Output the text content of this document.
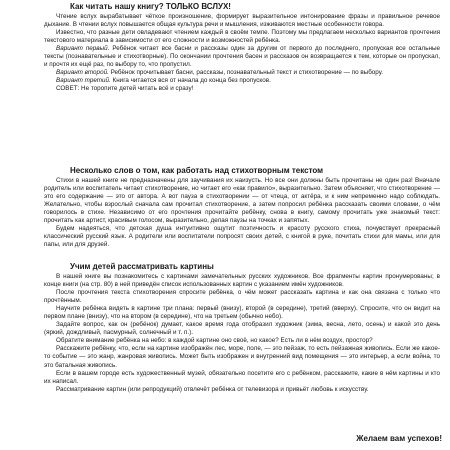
Как читать нашу книгу? ТОЛЬКО ВСЛУХ!

Чтение вслух вырабатывает чёткое произношение, формирует выразительное интонирование фразы и правильное речевое дыхание. В чтении вслух повышается общая культура речи и мышления, изживаются местные особенности говора.

Известно, что разные дети овладевают чтением каждый в своём темпе. Поэтому мы предлагаем несколько вариантов прочтения текстового материала в зависимости от его сложности и возможностей ребёнка.

Вариант первый. Ребёнок читает все басни и рассказы один за другим от первого до последнего, пропуская все остальные тексты (познавательные и стихотворные). По окончании прочтения басен и рассказов он возвращается к тем, которые он пропускал, и прочтя их ещё раз, по выбору то, что пропустил.

Вариант второй. Ребёнок прочитывает басни, рассказы, познавательный текст и стихотворение — по выбору.

Вариант третий. Книга читается вся от начала до конца без пропусков.

СОВЕТ: Не торопите детей читать всё и сразу!

Несколько слов о том, как работать над стихотворным текстом

Стихи в нашей книге не предназначены для заучивания их наизусть. Но все они должны быть прочитаны не один раз! Вначале родитель или воспитатель читает стихотворение, но читает его «как правило», выразительно. Затем объясняет, что стихотворение — это его содержание — это от автора. А вот пауза в стихотворении — от чтеца, от актёра, и к ним непременно надо соблюдать. Желательно, чтобы взрослый сначала сам прочитал стихотворение, а затем попросил ребёнка рассказать своими словами, о чём говорилось в стихе. Независимо от его прочтения прочитайте ребёнку, снова в книгу, самому прочитать уже знакомый текст: прочитать как артист, красивым голосом, выразительно, делая паузы на точках и запятых.

Будем надеяться, что детская душа интуитивно ощутит поэтичность и красоту русского стиха, почувствует прекрасный классический русский язык. А родители или воспитатели попросят своих детей, с книгой в руке, почитать стихи для мамы, или для папы, или для друзей.

Учим детей рассматривать картины

В нашей книге вы познакомитесь с картинами замечательных русских художников. Все фрагменты картин пронумерованы; в конце книги (на стр. 80) в ней приведён список использованных картин с указанием имён художников.

После прочтения текста стихотворения спросите ребёнка, о чём может рассказать картина и как она связана с только что прочтённым.

Научите ребёнка видеть в картине три плана: первый (внизу), второй (в середине), третий (вверху). Спросите, что он видит на первом плане (внизу), что на втором (в середине), что на третьем (обычно небо).

Задайте вопрос, как он (ребёнок) думает, какое время года отобразил художник (зима, весна, лето, осень) и какой это день (яркий, дождливый, пасмурный, солнечный и т. п.).

Обратите внимание ребёнка на небо: в каждой картине оно своё, но какое? Есть ли в нём воздух, простор?

Расскажите ребёнку, что, если на картине изображён лес, море, поле, — это пейзаж, то есть пейзажная живопись. Если же какое-то событие — это жанр, жанровая живопись. Может быть изображен и внутренний вид помещения — это интерьер, а если война, то это батальная живопись.

Если в вашем городе есть художественный музей, обязательно посетите его с ребёнком, расскажите, какие в нём картины и кто их написал.

Рассматривание картин (или репродукций) отвлечёт ребёнка от телевизора и привьёт любовь к искусству.

Желаем вам успехов!
